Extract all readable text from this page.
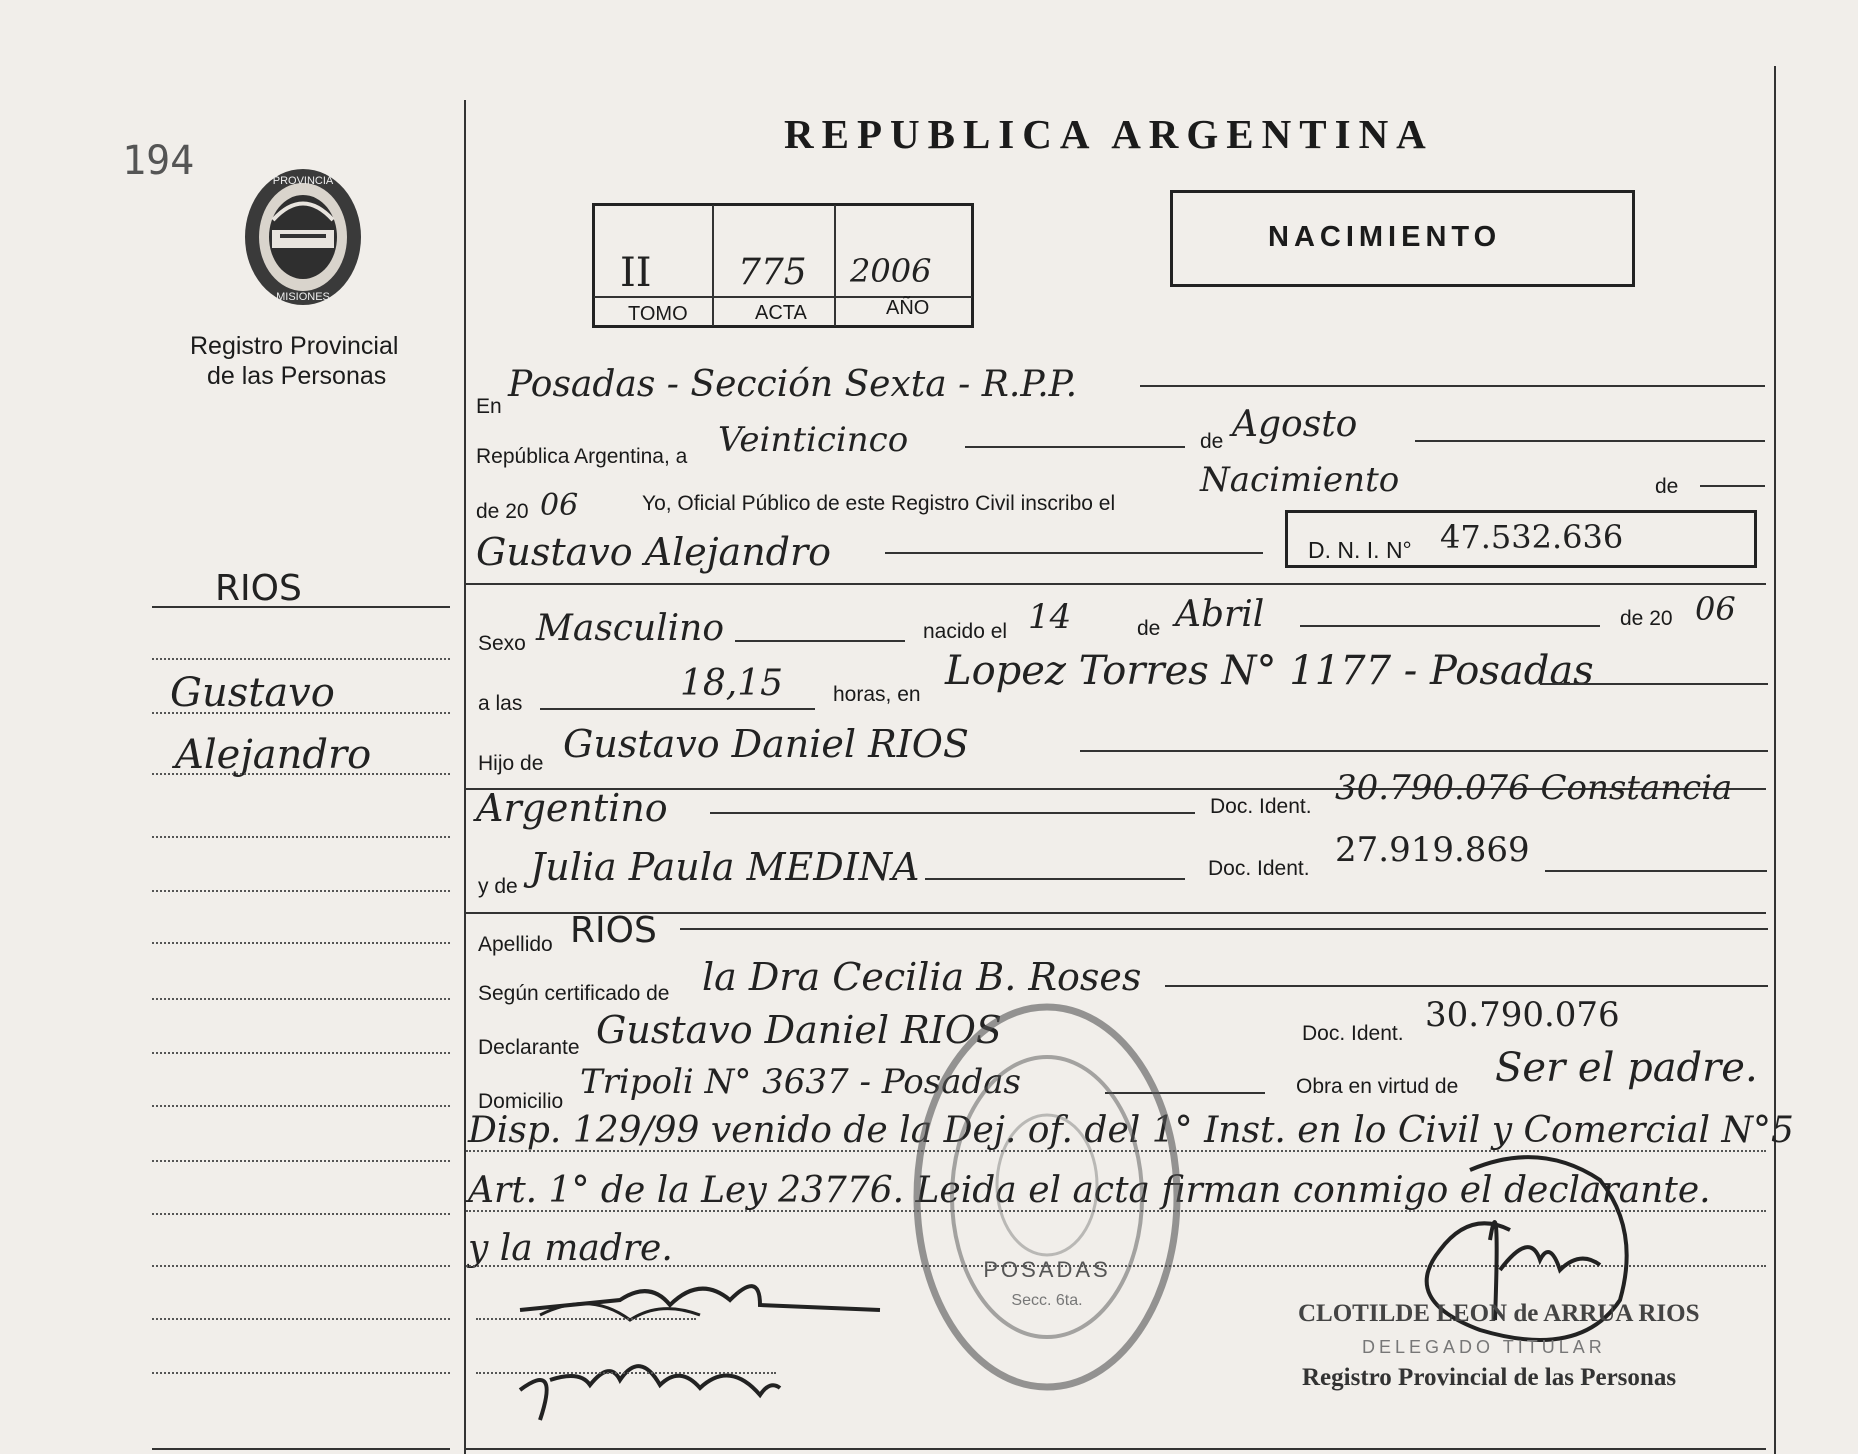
194	PROVINCIA
MISIONES
Registro Provincial
de las Personas
RIOS
Gustavo
Alejandro
REPUBLICA ARGENTINA
II 775 2006
TOMO	ACTA	AÑO
NACIMIENTO
En
Posadas - Sección Sexta - R.P.P.
República Argentina, a Veinticinco	de Agosto
de 20 06	Yo, Oficial Público de este Registro Civil inscribo el
Nacimiento	de
Gustavo Alejandro	D. N. I. N° 47.532.636
Sexo Masculino	nacido el 14	de Abril	de 20 06
a las	18,15 horas, en
Lopez Torres N° 1177 - Posadas
Hijo de Gustavo Daniel RIOS
Argentino	Doc. Ident. 30.790.076 Constancia
y de Julia Paula MEDINA	Doc. Ident. 27.919.869
Apellido RIOS
Según certificado de la Dra Cecilia B. Roses
Declarante Gustavo Daniel RIOS	Doc. Ident. 30.790.076
Domicilio Tripoli N° 3637 - Posadas	Obra en virtud de Ser el padre.
Disp. 129/99 venido de la Dej. of. del 1° Inst. en lo Civil y Comercial N°5
Art. 1° de la Ley 23776. Leida el acta firman conmigo el declarante.
y la madre.
POSADAS
Secc. 6ta.	CLOTILDE LEON de ARRUA RIOS
DELEGADO TITULAR
Registro Provincial de las Personas
